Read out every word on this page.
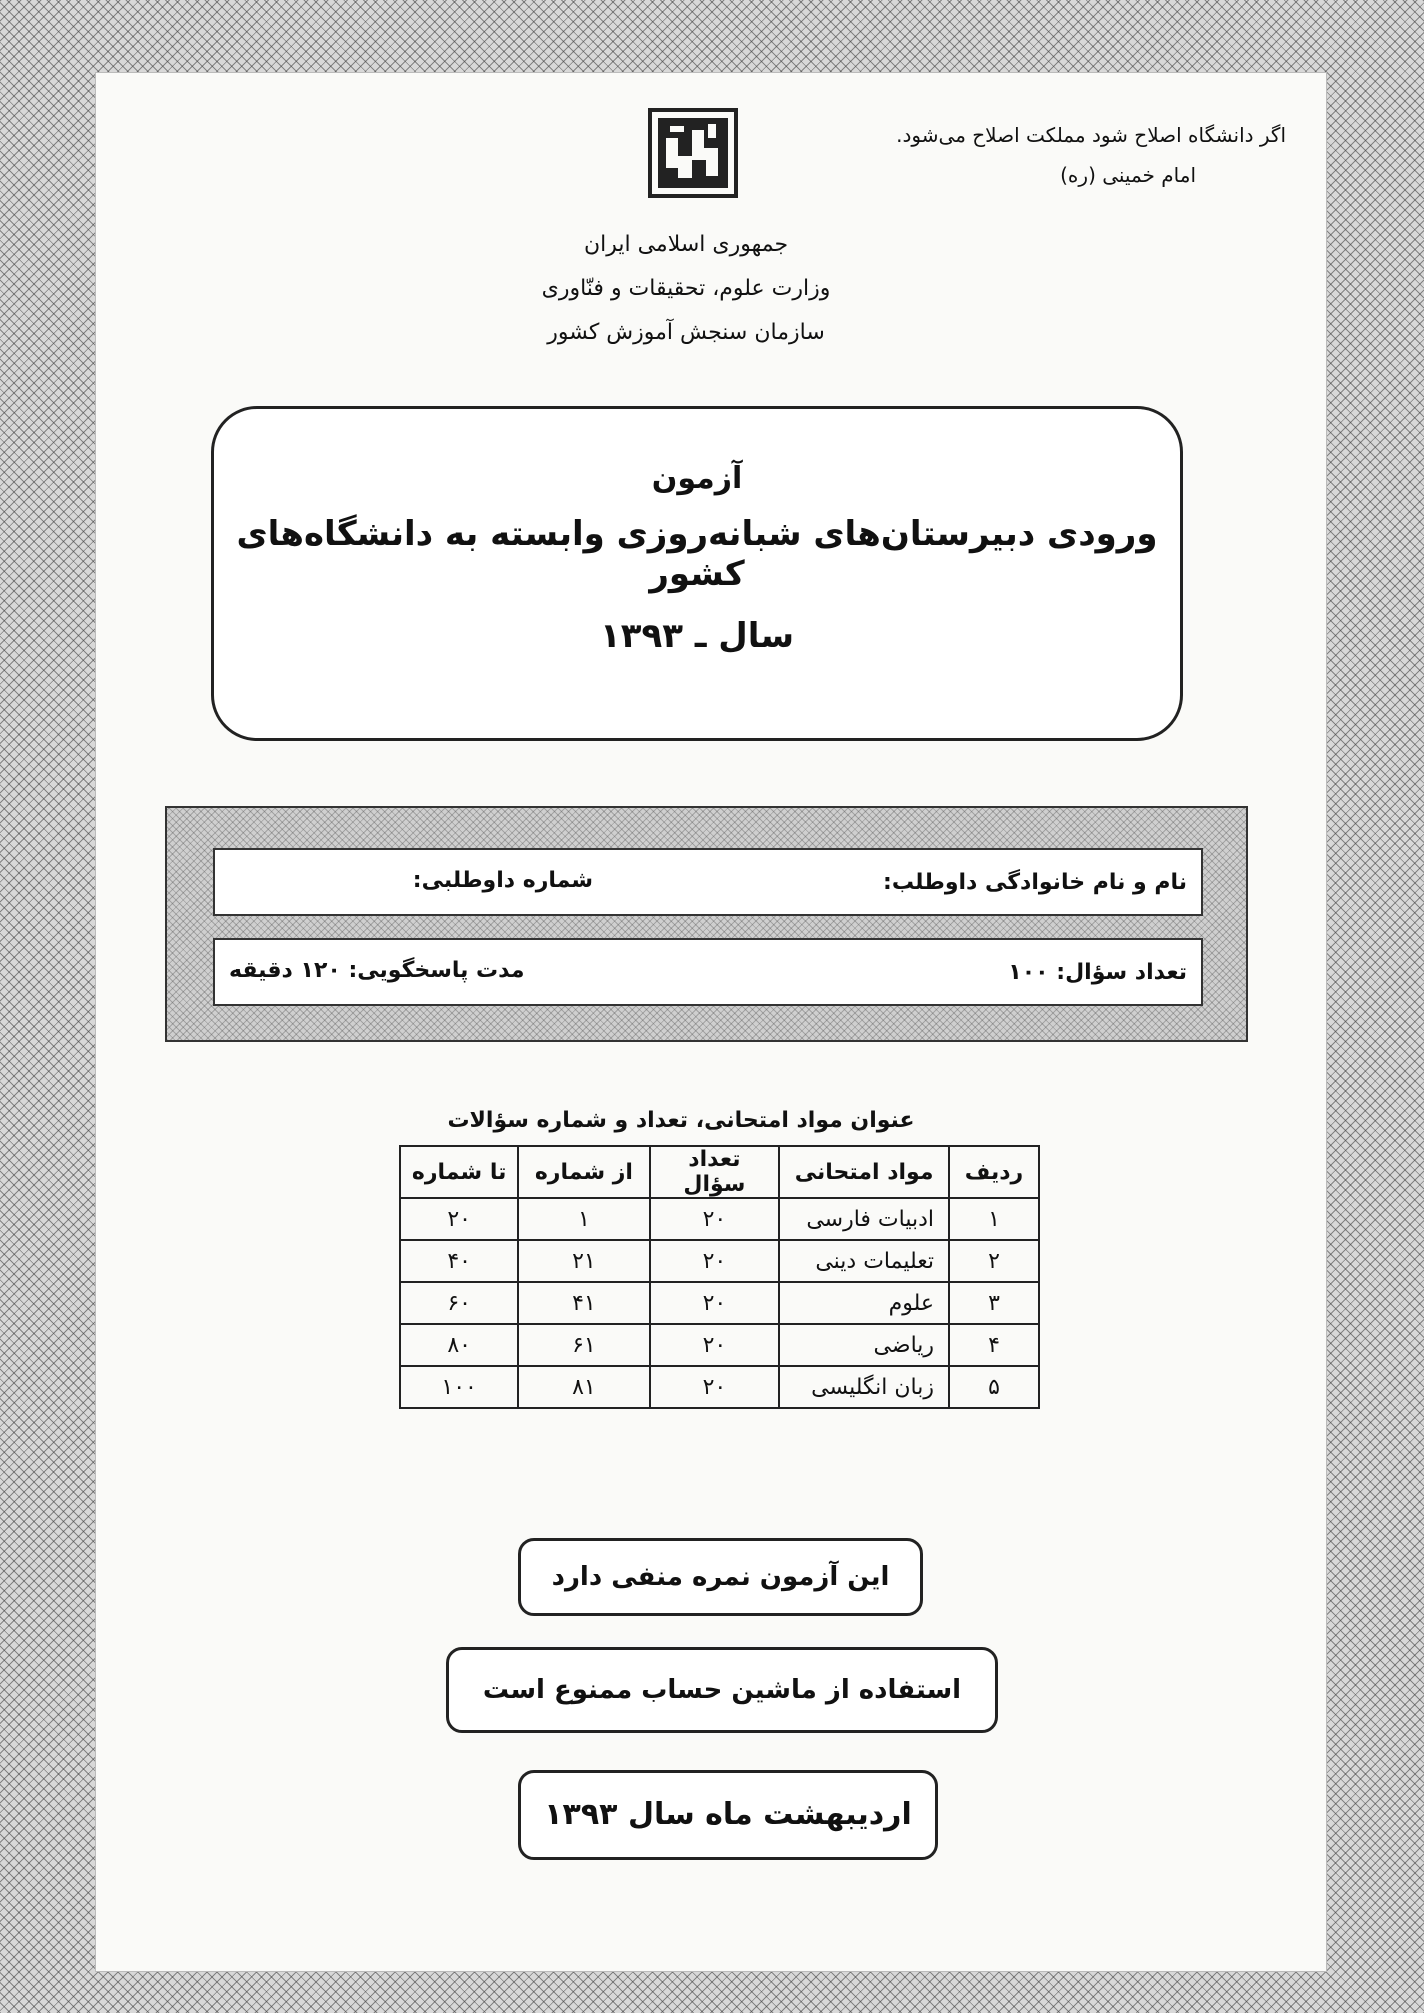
اگر دانشگاه اصلاح شود مملکت اصلاح می‌شود.
امام خمینی (ره)
جمهوری اسلامی ایران
وزارت علوم، تحقیقات و فنّاوری
سازمان سنجش آموزش کشور
آزمون
ورودی دبیرستان‌های شبانه‌روزی وابسته به دانشگاه‌های کشور
سال ـ ۱۳۹۳
نام و نام خانوادگی داوطلب:
شماره داوطلبی:
تعداد سؤال: ۱۰۰
مدت پاسخگویی: ۱۲۰ دقیقه
عنوان مواد امتحانی، تعداد و شماره سؤالات
ردیف	مواد امتحانی	تعداد سؤال	از شماره	تا شماره
۱	ادبیات فارسی	۲۰	۱	۲۰
۲	تعلیمات دینی	۲۰	۲۱	۴۰
۳	علوم	۲۰	۴۱	۶۰
۴	ریاضی	۲۰	۶۱	۸۰
۵	زبان انگلیسی	۲۰	۸۱	۱۰۰
این آزمون نمره منفی دارد
استفاده از ماشین حساب ممنوع است
اردیبهشت ماه سال ۱۳۹۳
